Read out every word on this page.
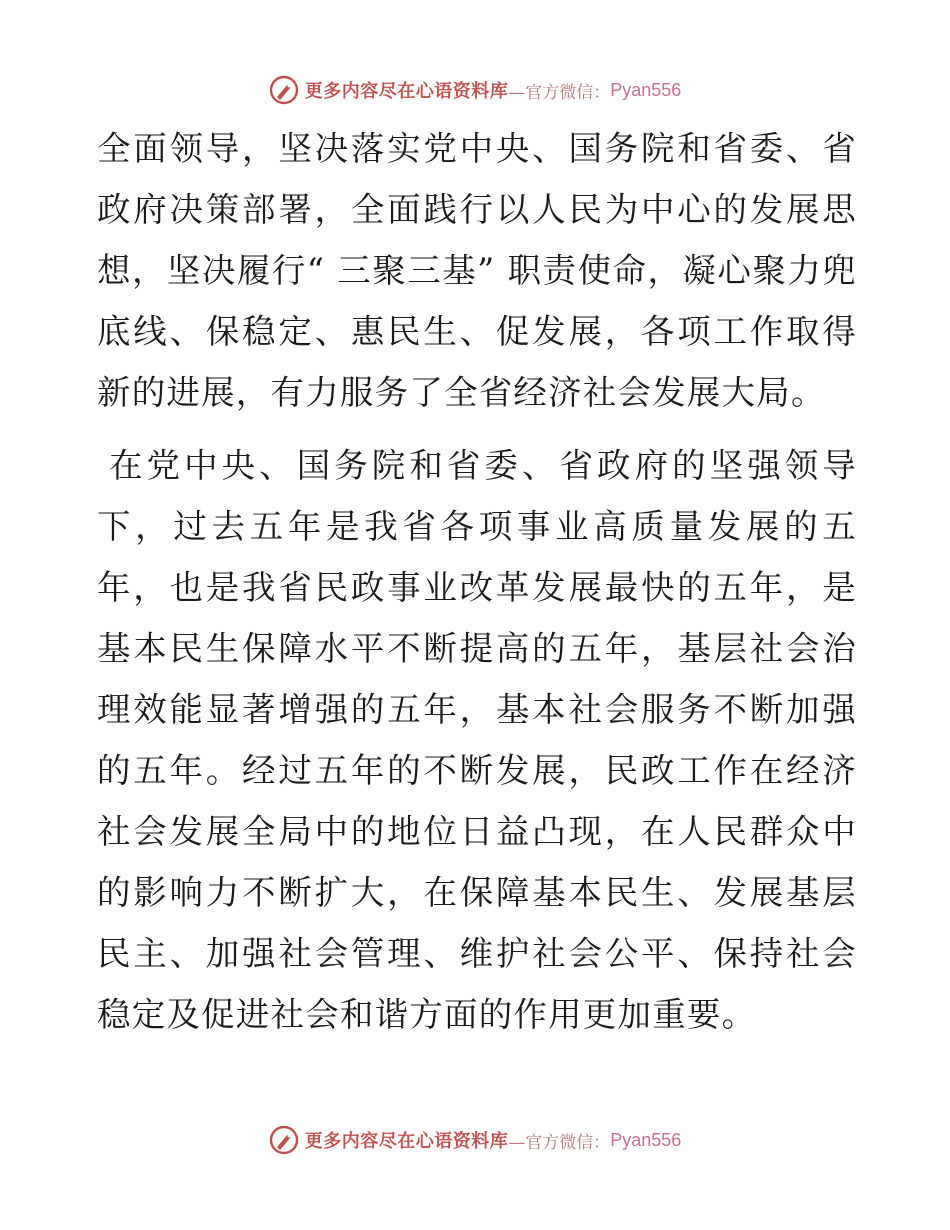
更多内容尽在心语资料库 —官方微信： Pyan556

全面领导，坚决落实党中央、国务院和省委、省政府决策部署，全面践行以人民为中心的发展思想，坚决履行“ 三聚三基” 职责使命，凝心聚力兜底线、保稳定、惠民生、促发展，各项工作取得新的进展，有力服务了全省经济社会发展大局。

在党中央、国务院和省委、省政府的坚强领导下，过去五年是我省各项事业高质量发展的五年，也是我省民政事业改革发展最快的五年，是基本民生保障水平不断提高的五年，基层社会治理效能显著增强的五年，基本社会服务不断加强的五年。经过五年的不断发展，民政工作在经济社会发展全局中的地位日益凸现，在人民群众中的影响力不断扩大，在保障基本民生、发展基层民主、加强社会管理、维护社会公平、保持社会稳定及促进社会和谐方面的作用更加重要。

更多内容尽在心语资料库 —官方微信： Pyan556
